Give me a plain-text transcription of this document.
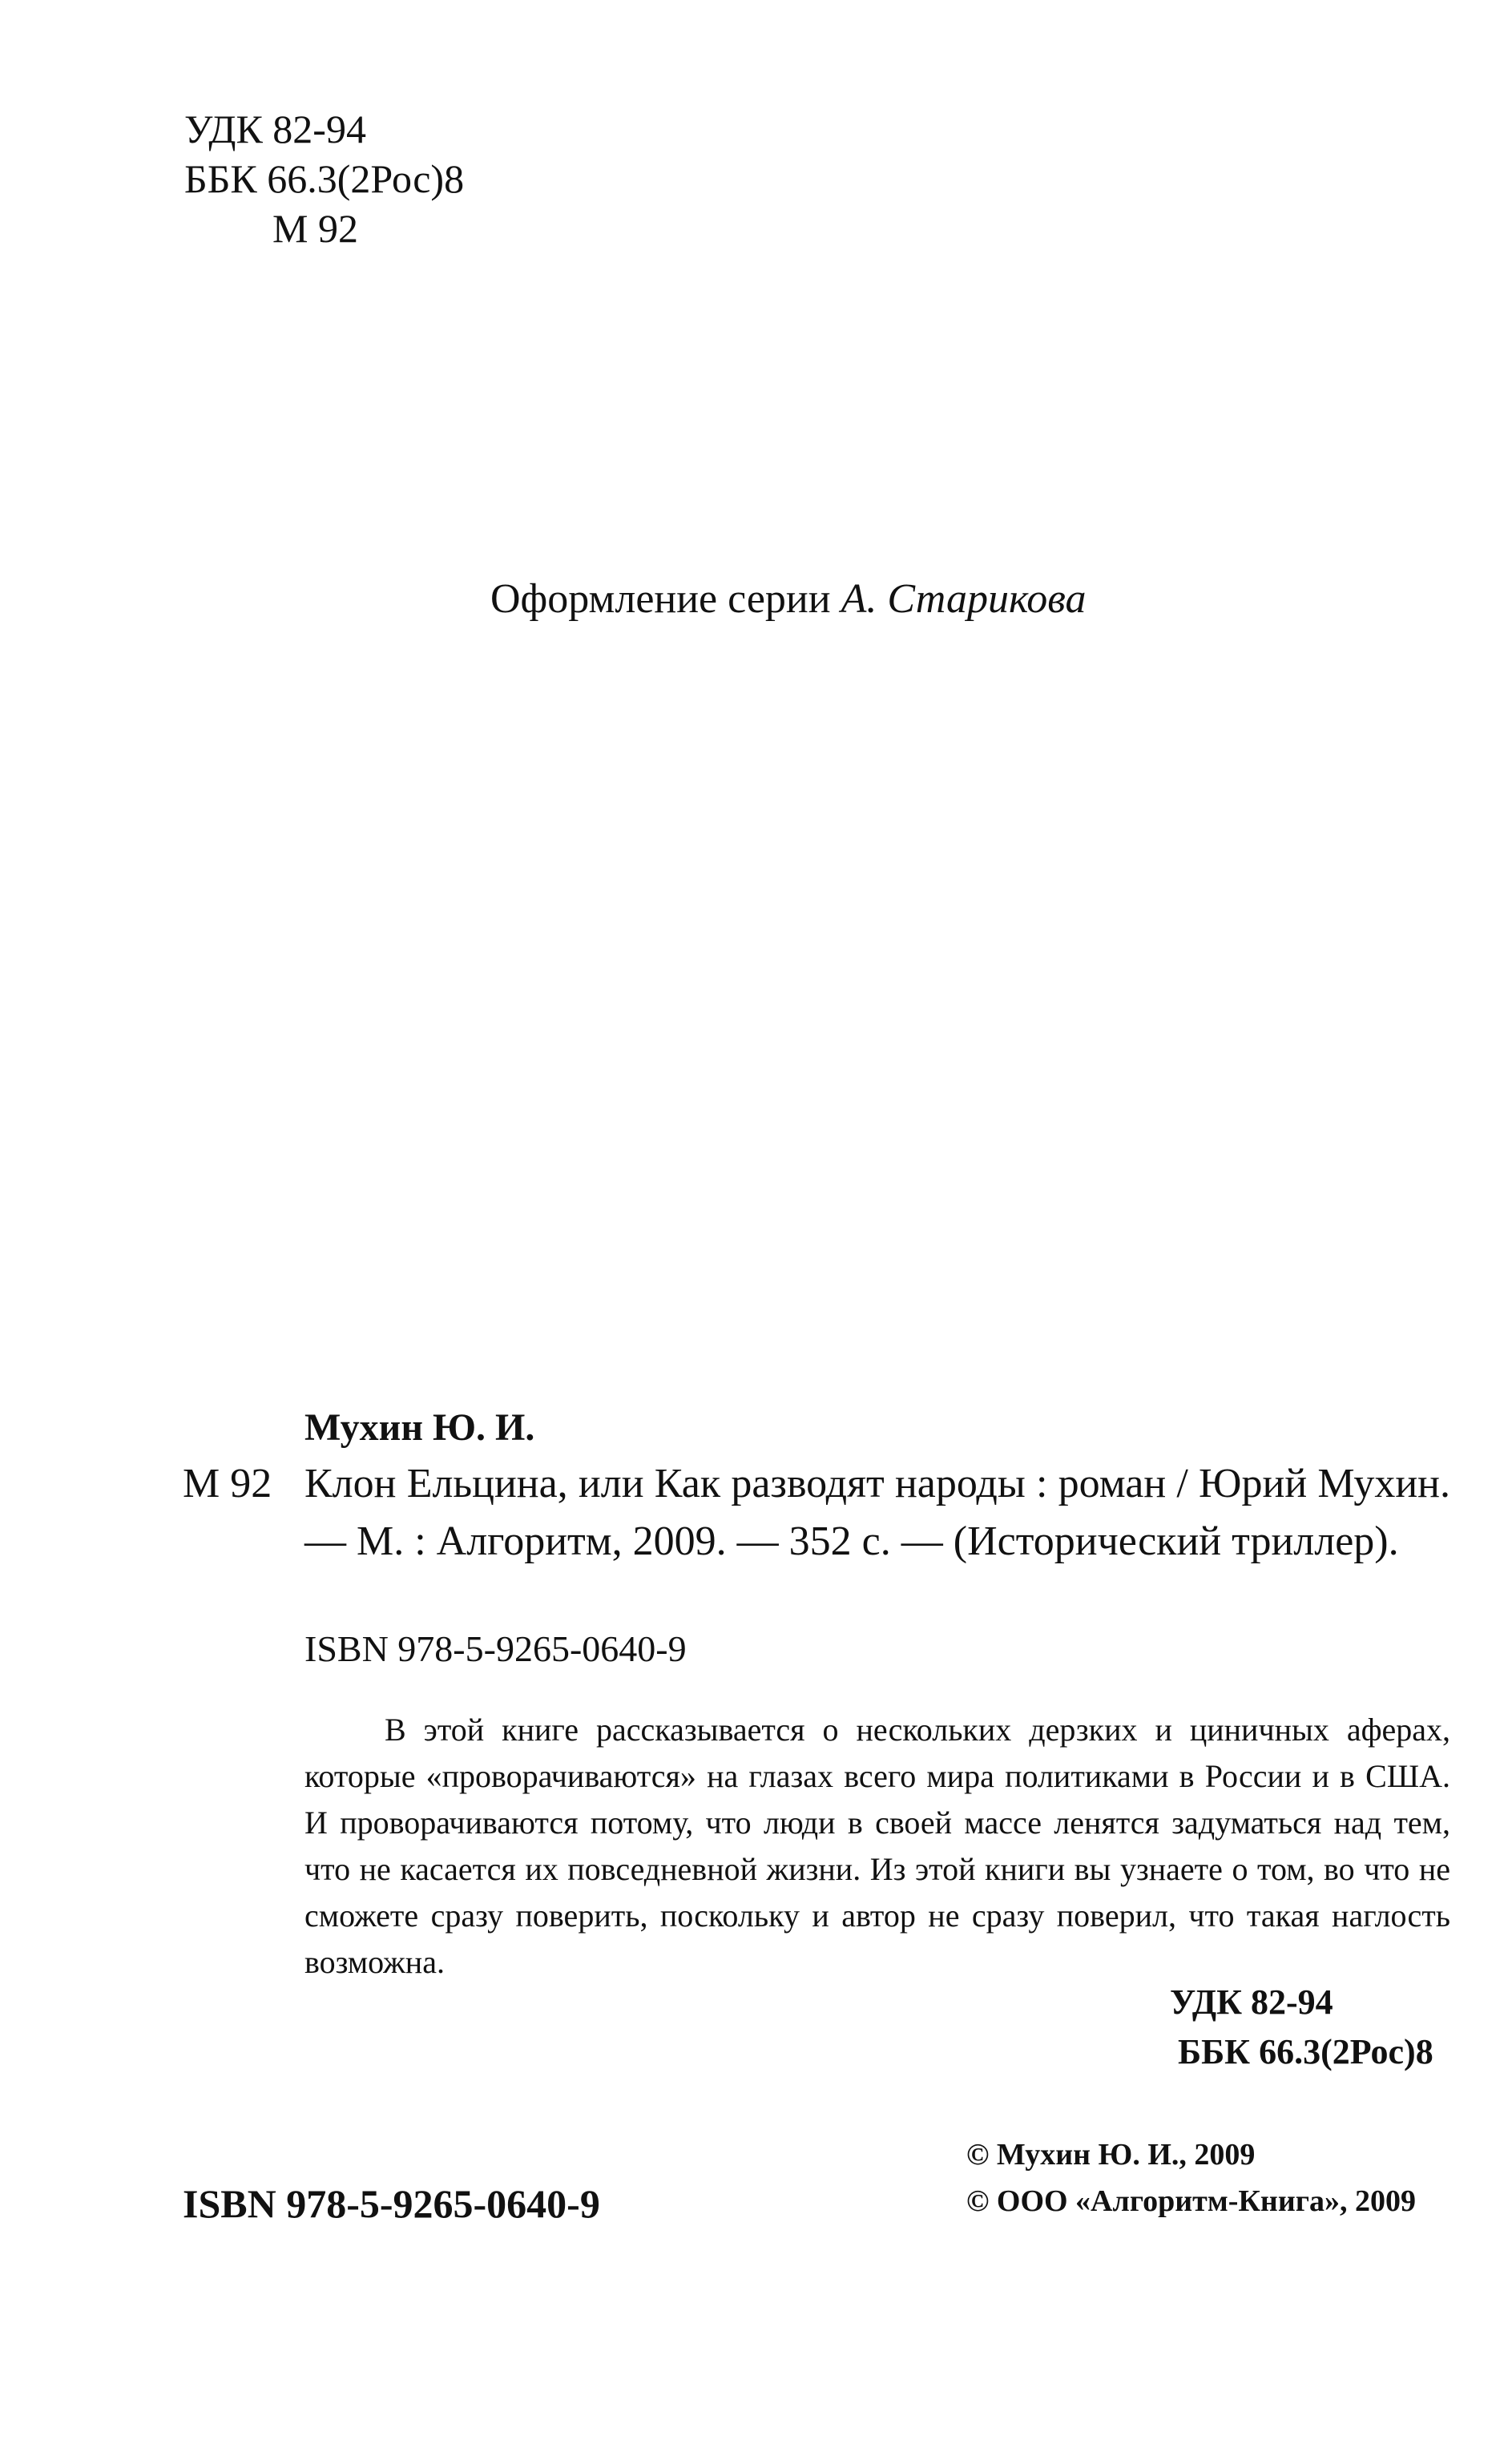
УДК 82-94
ББК 66.3(2Рос)8
М 92
Оформление серии А. Старикова
Мухин Ю. И.
М 92 Клон Ельцина, или Как разводят народы : роман / Юрий Мухин. — М. : Алгоритм, 2009. — 352 с. — (Исторический триллер).
ISBN 978-5-9265-0640-9
В этой книге рассказывается о нескольких дерзких и циничных аферах, которые «проворачиваются» на глазах всего мира политиками в России и в США. И проворачиваются потому, что люди в своей массе ленятся задуматься над тем, что не касается их повседневной жизни. Из этой книги вы узнаете о том, во что не сможете сразу поверить, поскольку и автор не сразу поверил, что такая наглость возможна.
УДК 82-94
ББК 66.3(2Рос)8
ISBN 978-5-9265-0640-9
© Мухин Ю. И., 2009
© ООО «Алгоритм-Книга», 2009
